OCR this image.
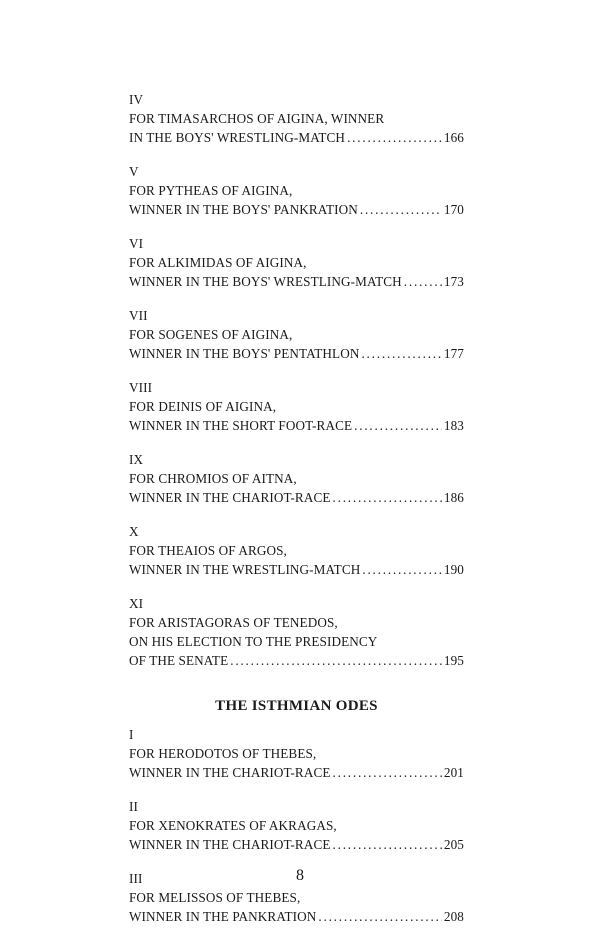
IV
FOR TIMASARCHOS OF AIGINA, WINNER
IN THE BOYS' WRESTLING-MATCH .....	166
V
FOR PYTHEAS OF AIGINA,
WINNER IN THE BOYS' PANKRATION .....	170
VI
FOR ALKIMIDAS OF AIGINA,
WINNER IN THE BOYS' WRESTLING-MATCH .....	173
VII
FOR SOGENES OF AIGINA,
WINNER IN THE BOYS' PENTATHLON .....	177
VIII
FOR DEINIS OF AIGINA,
WINNER IN THE SHORT FOOT-RACE .....	183
IX
FOR CHROMIOS OF AITNA,
WINNER IN THE CHARIOT-RACE .....	186
X
FOR THEAIOS OF ARGOS,
WINNER IN THE WRESTLING-MATCH .....	190
XI
FOR ARISTAGORAS OF TENEDOS,
ON HIS ELECTION TO THE PRESIDENCY
OF THE SENATE .....	195
THE ISTHMIAN ODES
I
FOR HERODOTOS OF THEBES,
WINNER IN THE CHARIOT-RACE .....	201
II
FOR XENOKRATES OF AKRAGAS,
WINNER IN THE CHARIOT-RACE .....	205
III
FOR MELISSOS OF THEBES,
WINNER IN THE PANKRATION .....	208
8
